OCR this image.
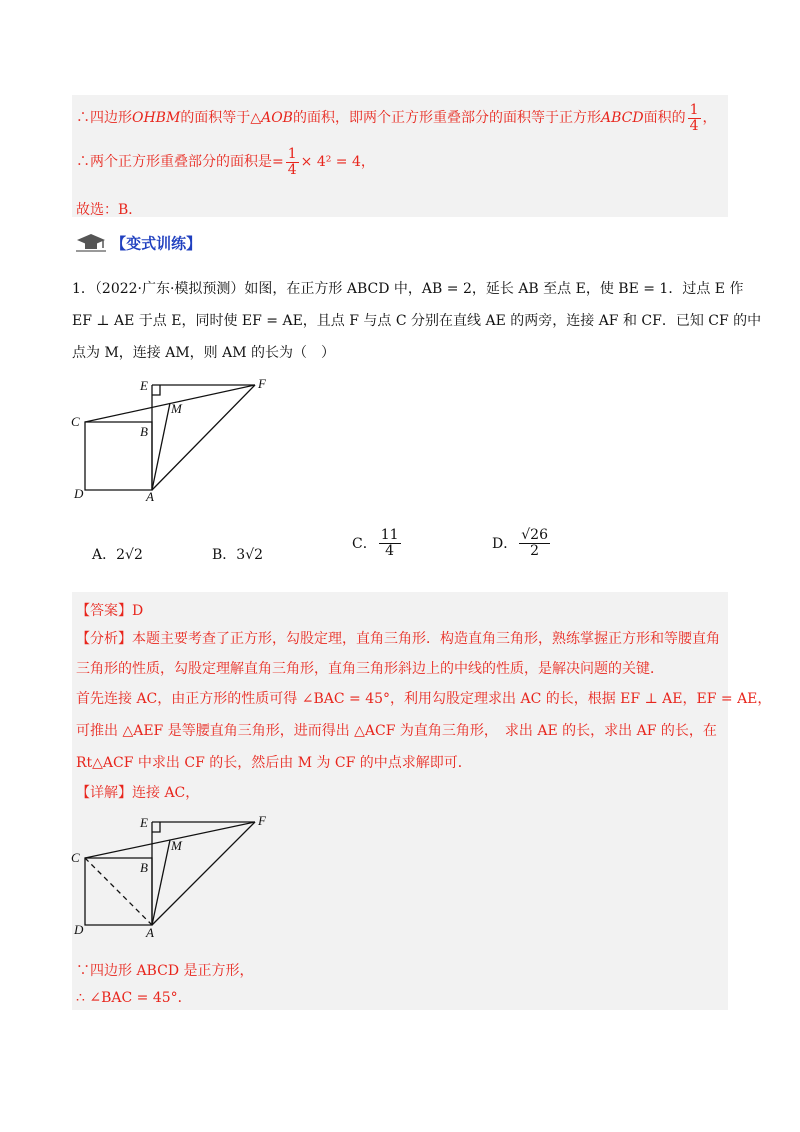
∴四边形OHBM的面积等于△AOB的面积，即两个正方形重叠部分的面积等于正方形ABCD面积的 $\frac{1}{4}$ ，
∴两个正方形重叠部分的面积是= $\frac{1}{4} \times 4^2 = 4$，
故选：B．
【变式训练】
1．（2022·广东·模拟预测）如图，在正方形 ABCD 中，AB = 2，延长 AB 至点 E，使 BE = 1．过点 E 作
EF ⊥ AE 于点 E，同时使 EF = AE，且点 F 与点 C 分别在直线 AE 的两旁，连接 AF 和 CF．已知 CF 的中
点为 M，连接 AM，则 AM 的长为（　）
E	F
M
C
B
D	A
A．2√2	B．3√2
C． $\frac{11}{4}$	D． $\frac{√26}{2}$
【答案】D
【分析】本题主要考查了正方形，勾股定理，直角三角形．构造直角三角形，熟练掌握正方形和等腰直角
三角形的性质，勾股定理解直角三角形，直角三角形斜边上的中线的性质，是解决问题的关键．
首先连接 AC，由正方形的性质可得 ∠BAC = 45°，利用勾股定理求出 AC 的长，根据 EF ⊥ AE，EF = AE，
可推出 △AEF 是等腰直角三角形，进而得出 △ACF 为直角三角形，　求出 AE 的长，求出 AF 的长，在
Rt△ACF 中求出 CF 的长，然后由 M 为 CF 的中点求解即可．
【详解】连接 AC，
E	F
M
C
B
D	A
∵四边形 ABCD 是正方形，
∴ ∠BAC = 45°．
